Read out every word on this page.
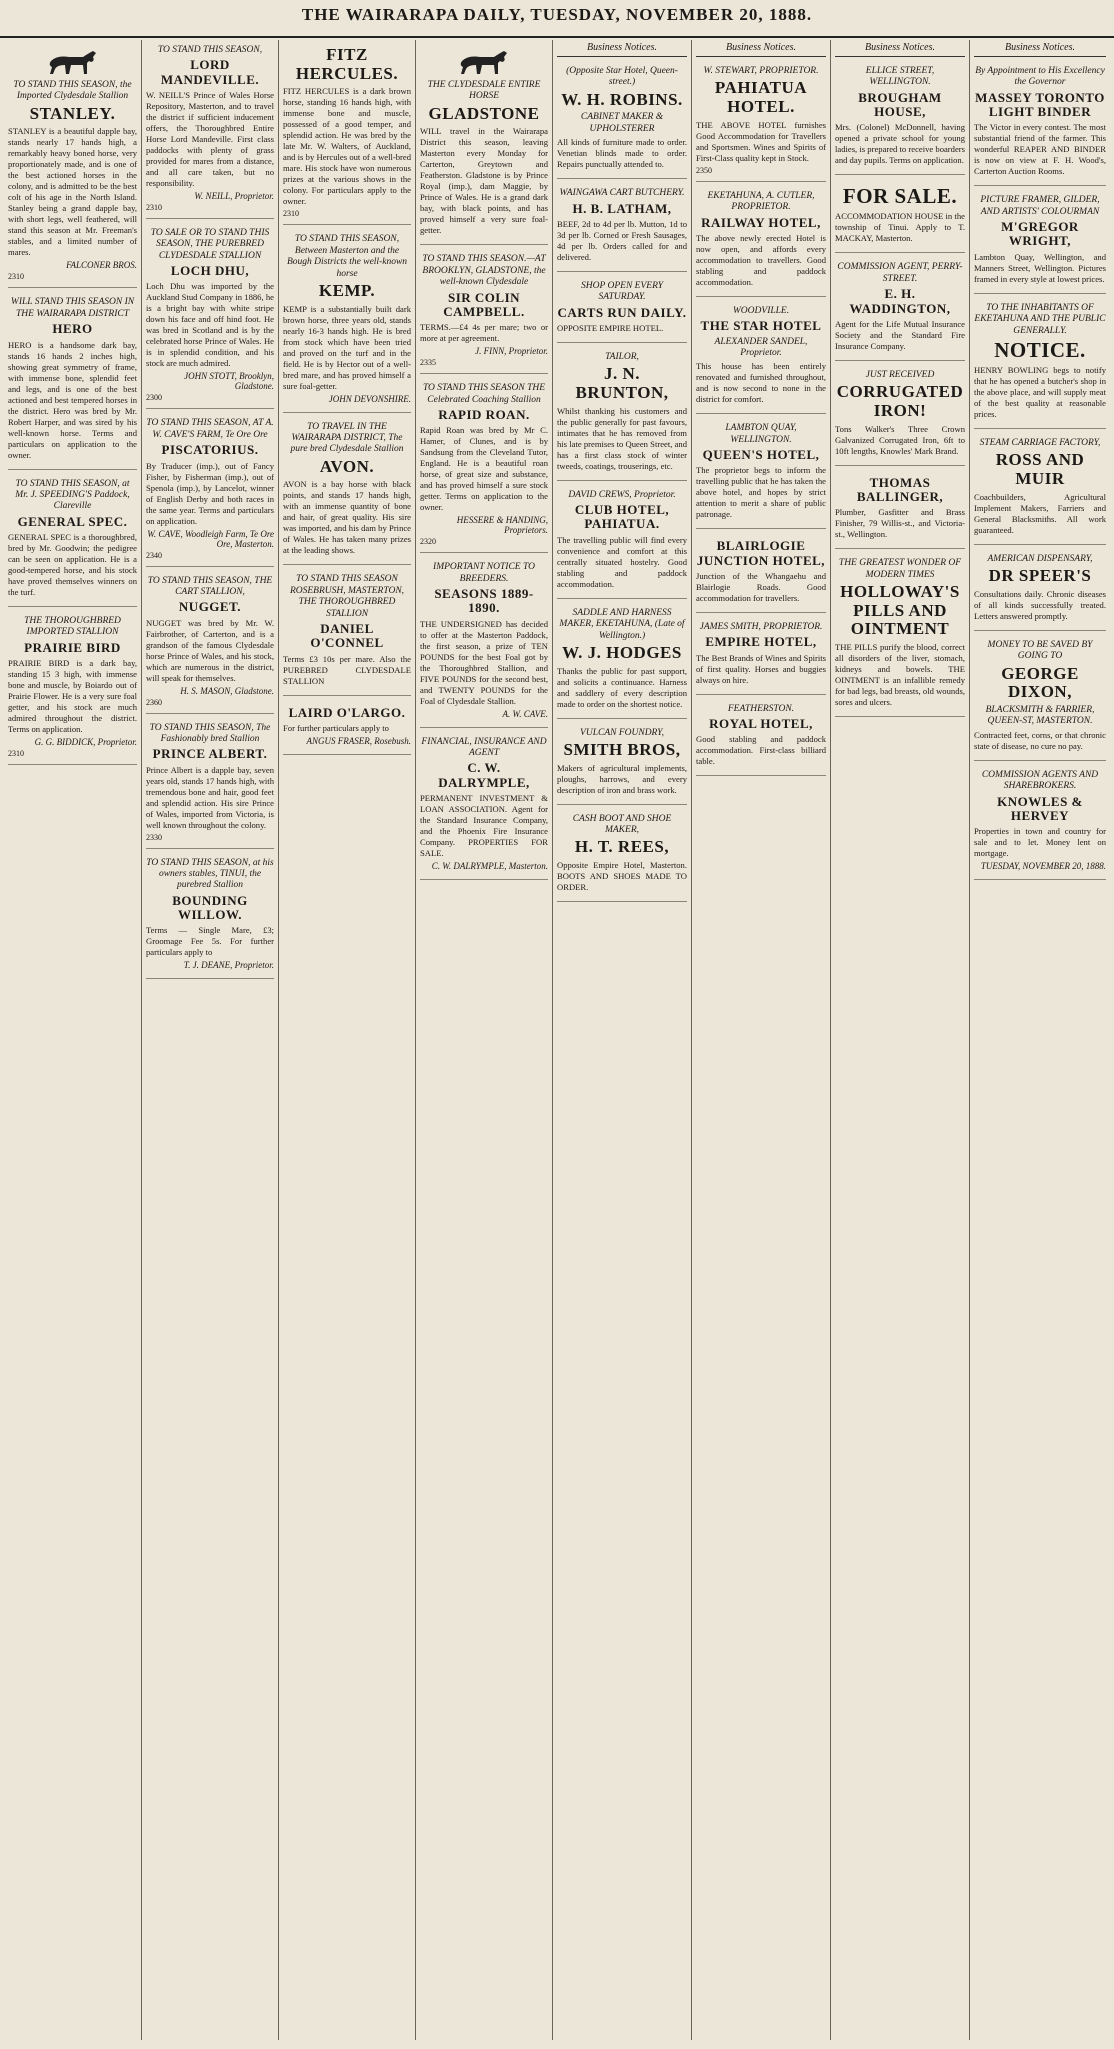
THE WAIRARAPA DAILY, TUESDAY, NOVEMBER 20, 1888.
TO STAND THIS SEASON, the Imported Clydesdale Stallion
STANLEY.
STANLEY is a beautiful dapple bay, stands nearly 17 hands high, a remarkably heavy boned horse, very proportionately made, and is one of the best actioned horses in the colony, and is admitted to be the best colt of his age in the North Island. Stanley being a grand dapple bay, with short legs, well feathered, will stand this season at Mr. Freeman's stables, and a limited number of mares.
FALCONER BROS.
2310
WILL STAND THIS SEASON IN THE WAIRARAPA DISTRICT
HERO
HERO is a handsome dark bay, stands 16 hands 2 inches high, showing great symmetry of frame, with immense bone, splendid feet and legs, and is one of the best actioned and best tempered horses in the district. Hero was bred by Mr. Robert Harper, and was sired by his well-known horse. Terms and particulars on application to the owner.
TO STAND THIS SEASON, at Mr. J. SPEEDING'S Paddock, Clareville
GENERAL SPEC.
GENERAL SPEC is a thoroughbred, bred by Mr. Goodwin; the pedigree can be seen on application. He is a good-tempered horse, and his stock have proved themselves winners on the turf.
THE THOROUGHBRED IMPORTED STALLION
PRAIRIE BIRD
PRAIRIE BIRD is a dark bay, standing 15 3 high, with immense bone and muscle, by Boiardo out of Prairie Flower. He is a very sure foal getter, and his stock are much admired throughout the district. Terms on application.
G. G. BIDDICK, Proprietor.
2310
TO STAND THIS SEASON,
LORD MANDEVILLE.
W. NEILL'S Prince of Wales Horse Repository, Masterton, and to travel the district if sufficient inducement offers, the Thoroughbred Entire Horse Lord Mandeville. First class paddocks with plenty of grass provided for mares from a distance, and all care taken, but no responsibility.
W. NEILL, Proprietor.
2310
TO SALE OR TO STAND THIS SEASON, THE PUREBRED CLYDESDALE STALLION
LOCH DHU,
Loch Dhu was imported by the Auckland Stud Company in 1886, he is a bright bay with white stripe down his face and off hind foot. He was bred in Scotland and is by the celebrated horse Prince of Wales. He is in splendid condition, and his stock are much admired.
JOHN STOTT, Brooklyn, Gladstone.
2300
TO STAND THIS SEASON, AT A. W. CAVE'S FARM, Te Ore Ore
PISCATORIUS.
By Traducer (imp.), out of Fancy Fisher, by Fisherman (imp.), out of Spenola (imp.), by Lancelot, winner of English Derby and both races in the same year. Terms and particulars on application.
W. CAVE, Woodleigh Farm, Te Ore Ore, Masterton.
2340
TO STAND THIS SEASON, THE CART STALLION,
NUGGET.
NUGGET was bred by Mr. W. Fairbrother, of Carterton, and is a grandson of the famous Clydesdale horse Prince of Wales, and his stock, which are numerous in the district, will speak for themselves.
H. S. MASON, Gladstone.
2360
TO STAND THIS SEASON, The Fashionably bred Stallion
PRINCE ALBERT.
Prince Albert is a dapple bay, seven years old, stands 17 hands high, with tremendous bone and hair, good feet and splendid action. His sire Prince of Wales, imported from Victoria, is well known throughout the colony.
2330
TO STAND THIS SEASON, at his owners stables, TINUI, the purebred Stallion
BOUNDING WILLOW.
Terms — Single Mare, £3; Groomage Fee 5s. For further particulars apply to
T. J. DEANE, Proprietor.
FITZ HERCULES.
FITZ HERCULES is a dark brown horse, standing 16 hands high, with immense bone and muscle, possessed of a good temper, and splendid action. He was bred by the late Mr. W. Walters, of Auckland, and is by Hercules out of a well-bred mare. His stock have won numerous prizes at the various shows in the colony. For particulars apply to the owner.
2310
TO STAND THIS SEASON, Between Masterton and the Bough Districts the well-known horse
KEMP.
KEMP is a substantially built dark brown horse, three years old, stands nearly 16-3 hands high. He is bred from stock which have been tried and proved on the turf and in the field. He is by Hector out of a well-bred mare, and has proved himself a sure foal-getter.
JOHN DEVONSHIRE.
TO TRAVEL IN THE WAIRARAPA DISTRICT, The pure bred Clydesdale Stallion
AVON.
AVON is a bay horse with black points, and stands 17 hands high, with an immense quantity of bone and hair, of great quality. His sire was imported, and his dam by Prince of Wales. He has taken many prizes at the leading shows.
TO STAND THIS SEASON ROSEBRUSH, MASTERTON, THE THOROUGHBRED STALLION
DANIEL O'CONNEL
Terms £3 10s per mare. Also the PUREBRED CLYDESDALE STALLION
LAIRD O'LARGO.
For further particulars apply to
ANGUS FRASER, Rosebush.
THE CLYDESDALE ENTIRE HORSE
GLADSTONE
WILL travel in the Wairarapa District this season, leaving Masterton every Monday for Carterton, Greytown and Featherston. Gladstone is by Prince Royal (imp.), dam Maggie, by Prince of Wales. He is a grand dark bay, with black points, and has proved himself a very sure foal-getter.
TO STAND THIS SEASON.—AT BROOKLYN, GLADSTONE, the well-known Clydesdale
SIR COLIN CAMPBELL.
TERMS.—£4 4s per mare; two or more at per agreement.
J. FINN, Proprietor.
2335
TO STAND THIS SEASON THE Celebrated Coaching Stallion
RAPID ROAN.
Rapid Roan was bred by Mr C. Hamer, of Clunes, and is by Sandsung from the Cleveland Tutor, England. He is a beautiful roan horse, of great size and substance, and has proved himself a sure stock getter. Terms on application to the owner.
HESSERE & HANDING, Proprietors.
2320
IMPORTANT NOTICE TO BREEDERS.
SEASONS 1889-1890.
THE UNDERSIGNED has decided to offer at the Masterton Paddock, the first season, a prize of TEN POUNDS for the best Foal got by the Thoroughbred Stallion, and FIVE POUNDS for the second best, and TWENTY POUNDS for the Foal of Clydesdale Stallion.
A. W. CAVE.
FINANCIAL, INSURANCE AND AGENT
C. W. DALRYMPLE,
PERMANENT INVESTMENT & LOAN ASSOCIATION. Agent for the Standard Insurance Company, and the Phoenix Fire Insurance Company. PROPERTIES FOR SALE.
C. W. DALRYMPLE, Masterton.
Business Notices.
(Opposite Star Hotel, Queen-street.)
W. H. ROBINS.
CABINET MAKER & UPHOLSTERER
All kinds of furniture made to order. Venetian blinds made to order. Repairs punctually attended to.
WAINGAWA CART BUTCHERY.
H. B. LATHAM,
BEEF, 2d to 4d per lb. Mutton, 1d to 3d per lb. Corned or Fresh Sausages, 4d per lb. Orders called for and delivered.
SHOP OPEN EVERY SATURDAY.
CARTS RUN DAILY.
OPPOSITE EMPIRE HOTEL.
TAILOR,
J. N. BRUNTON,
Whilst thanking his customers and the public generally for past favours, intimates that he has removed from his late premises to Queen Street, and has a first class stock of winter tweeds, coatings, trouserings, etc.
DAVID CREWS, Proprietor.
CLUB HOTEL, PAHIATUA.
The travelling public will find every convenience and comfort at this centrally situated hostelry. Good stabling and paddock accommodation.
SADDLE AND HARNESS MAKER, EKETAHUNA, (Late of Wellington.)
W. J. HODGES
Thanks the public for past support, and solicits a continuance. Harness and saddlery of every description made to order on the shortest notice.
VULCAN FOUNDRY,
SMITH BROS,
Makers of agricultural implements, ploughs, harrows, and every description of iron and brass work.
CASH BOOT AND SHOE MAKER,
H. T. REES,
Opposite Empire Hotel, Masterton. BOOTS AND SHOES MADE TO ORDER.
Business Notices.
W. STEWART, PROPRIETOR.
PAHIATUA HOTEL.
THE ABOVE HOTEL furnishes Good Accommodation for Travellers and Sportsmen. Wines and Spirits of First-Class quality kept in Stock.
2350
EKETAHUNA, A. CUTLER, PROPRIETOR.
RAILWAY HOTEL,
The above newly erected Hotel is now open, and affords every accommodation to travellers. Good stabling and paddock accommodation.
WOODVILLE.
THE STAR HOTEL
ALEXANDER SANDEL, Proprietor.
This house has been entirely renovated and furnished throughout, and is now second to none in the district for comfort.
LAMBTON QUAY, WELLINGTON.
QUEEN'S HOTEL,
The proprietor begs to inform the travelling public that he has taken the above hotel, and hopes by strict attention to merit a share of public patronage.
BLAIRLOGIE JUNCTION HOTEL,
Junction of the Whangaehu and Blairlogie Roads. Good accommodation for travellers.
JAMES SMITH, PROPRIETOR.
EMPIRE HOTEL,
The Best Brands of Wines and Spirits of first quality. Horses and buggies always on hire.
FEATHERSTON.
ROYAL HOTEL,
Good stabling and paddock accommodation. First-class billiard table.
Business Notices.
ELLICE STREET, WELLINGTON.
BROUGHAM HOUSE,
Mrs. (Colonel) McDonnell, having opened a private school for young ladies, is prepared to receive boarders and day pupils. Terms on application.
FOR SALE.
ACCOMMODATION HOUSE in the township of Tinui. Apply to T. MACKAY, Masterton.
COMMISSION AGENT, PERRY-STREET.
E. H. WADDINGTON,
Agent for the Life Mutual Insurance Society and the Standard Fire Insurance Company.
JUST RECEIVED
CORRUGATED IRON!
Tons Walker's Three Crown Galvanized Corrugated Iron, 6ft to 10ft lengths, Knowles' Mark Brand.
THOMAS BALLINGER,
Plumber, Gasfitter and Brass Finisher, 79 Willis-st., and Victoria-st., Wellington.
THE GREATEST WONDER OF MODERN TIMES
HOLLOWAY'S PILLS AND OINTMENT
THE PILLS purify the blood, correct all disorders of the liver, stomach, kidneys and bowels. THE OINTMENT is an infallible remedy for bad legs, bad breasts, old wounds, sores and ulcers.
Business Notices.
By Appointment to His Excellency the Governor
MASSEY TORONTO LIGHT BINDER
The Victor in every contest. The most substantial friend of the farmer. This wonderful REAPER AND BINDER is now on view at F. H. Wood's, Carterton Auction Rooms.
PICTURE FRAMER, GILDER, AND ARTISTS' COLOURMAN
M'GREGOR WRIGHT,
Lambton Quay, Wellington, and Manners Street, Wellington. Pictures framed in every style at lowest prices.
TO THE INHABITANTS OF EKETAHUNA AND THE PUBLIC GENERALLY.
NOTICE.
HENRY BOWLING begs to notify that he has opened a butcher's shop in the above place, and will supply meat of the best quality at reasonable prices.
STEAM CARRIAGE FACTORY,
ROSS AND MUIR
Coachbuilders, Agricultural Implement Makers, Farriers and General Blacksmiths. All work guaranteed.
AMERICAN DISPENSARY,
DR SPEER'S
Consultations daily. Chronic diseases of all kinds successfully treated. Letters answered promptly.
MONEY TO BE SAVED BY GOING TO
GEORGE DIXON,
BLACKSMITH & FARRIER, QUEEN-ST, MASTERTON.
Contracted feet, corns, or that chronic state of disease, no cure no pay.
COMMISSION AGENTS AND SHAREBROKERS.
KNOWLES & HERVEY
Properties in town and country for sale and to let. Money lent on mortgage.
TUESDAY, NOVEMBER 20, 1888.
